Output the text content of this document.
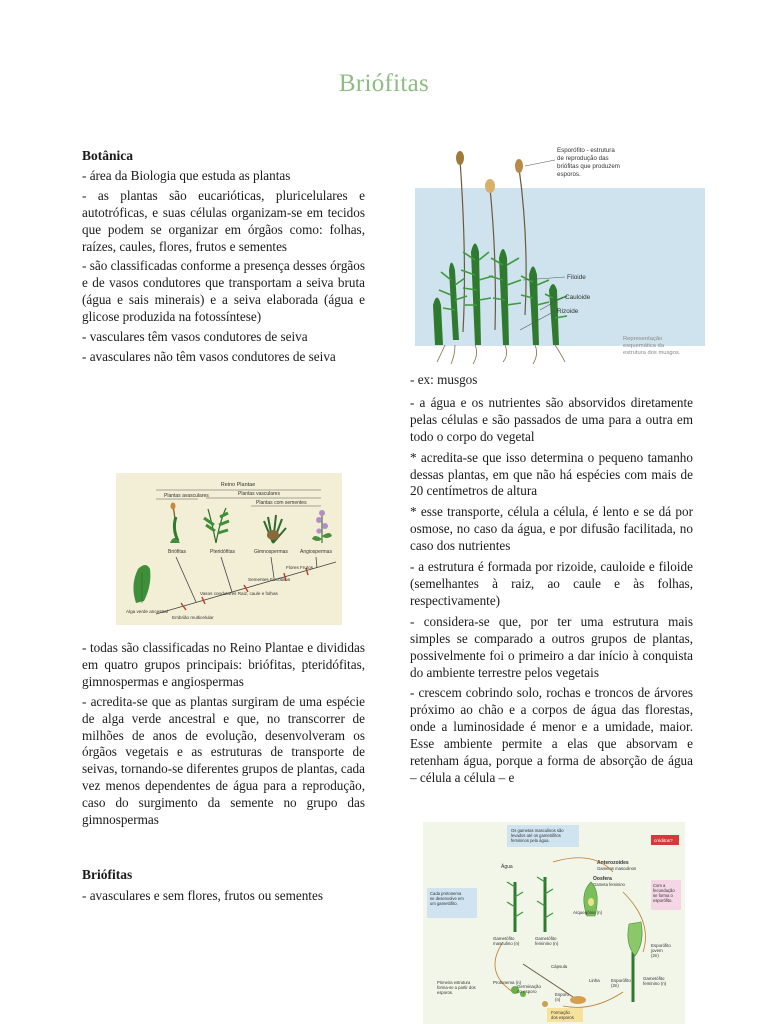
Briófitas
Botânica

- área da Biologia que estuda as plantas

- as plantas são eucarióticas, pluricelulares e autotróficas, e suas células organizam-se em tecidos que podem se organizar em órgãos como: folhas, raízes, caules, flores, frutos e sementes

- são classificadas conforme a presença desses órgãos e de vasos condutores que transportam a seiva bruta (água e sais minerais) e a seiva elaborada (água e glicose produzida na fotossíntese)

- vasculares têm vasos condutores de seiva

- avasculares não têm vasos condutores de seiva

Reino Plantae
Plantas avasculares	Plantas vasculares
Plantas com sementes
Briófitas	Pteridófitas	Gimnospermas Angiospermas
Alga verde ancestral
Embrião multicelular
Vasos condutores Raiz, caule e folhas
Sementes Estróbilos
Flores Frutos

- todas são classificadas no Reino Plantae e divididas em quatro grupos principais: briófitas, pteridófitas, gimnospermas e angiospermas

- acredita-se que as plantas surgiram de uma espécie de alga verde ancestral e que, no transcorrer de milhões de anos de evolução, desenvolveram os órgãos vegetais e as estruturas de transporte de seivas, tornando-se diferentes grupos de plantas, cada vez menos dependentes de água para a reprodução, caso do surgimento da semente no grupo das gimnospermas

Briófitas

- avasculares e sem flores, frutos ou sementes

Esporófito - estrutura de reprodução das briófitas que produzem esporos.
Filoide
Cauloide
Rizoide
Representação esquemática da estrutura dos musgos.

- ex: musgos

- a água e os nutrientes são absorvidos diretamente pelas células e são passados de uma para a outra em todo o corpo do vegetal

* acredita-se que isso determina o pequeno tamanho dessas plantas, em que não há espécies com mais de 20 centímetros de altura

* esse transporte, célula a célula, é lento e se dá por osmose, no caso da água, e por difusão facilitada, no caso dos nutrientes

- a estrutura é formada por rizoide, cauloide e filoide (semelhantes à raiz, ao caule e às folhas, respectivamente)

- considera-se que, por ter uma estrutura mais simples se comparado a outros grupos de plantas, possivelmente foi o primeiro a dar início à conquista do ambiente terrestre pelos vegetais

- crescem cobrindo solo, rochas e troncos de árvores próximo ao chão e a corpos de água das florestas, onde a luminosidade é menor e a umidade, maior. Esse ambiente permite a elas que absorvam e retenham água, porque a forma de absorção de água – célula a célula – e

Os gametas masculinos são levados até os gametófitos femininos pela água.	créditos?
Água
Anterozoides
Gametas masculinos
Oosfera
Gameta feminino
Cada protonema se desenvolve em um gametófito.
Com a fecundação se forma o esporófito.
Arquegônio (n)
Gametófito masculino (n)
Gametófito feminino (n)	Esporófito jovem (2n)
Esporófito (2n)
Gametófito feminino (n)
Protonema (n)
Cápsula
Linha
Germinação do esporo
Primeira estrutura forma-se a partir dos esporos.	Esporo (n)
Formação dos esporos
